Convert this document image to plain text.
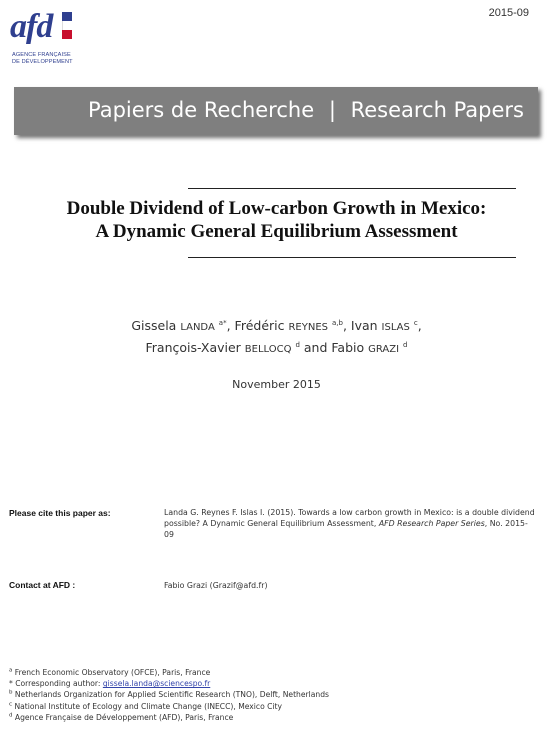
afd
AGENCE FRANÇAISE
DE DÉVELOPPEMENT
2015-09
Papiers de Recherche | Research Papers
Double Dividend of Low-carbon Growth in Mexico:
A Dynamic General Equilibrium Assessment
Gissela LANDA $^{a*}$, Frédéric REYNES $^{a,b}$, Ivan ISLAS $^c$,
François-Xavier BELLOCQ $^d$ and Fabio GRAZI $^d$
November 2015
Please cite this paper as:	Landa G. Reynes F. Islas I. (2015). Towards a low carbon growth in Mexico: is a double dividend possible? A Dynamic General Equilibrium Assessment, AFD Research Paper Series, No. 2015-09
Contact at AFD :	Fabio Grazi (Grazif@afd.fr)
$^a$ French Economic Observatory (OFCE), Paris, France
* Corresponding author: gissela.landa@sciencespo.fr
$^b$ Netherlands Organization for Applied Scientific Research (TNO), Delft, Netherlands
$^c$ National Institute of Ecology and Climate Change (INECC), Mexico City
$^d$ Agence Française de Développement (AFD), Paris, France
